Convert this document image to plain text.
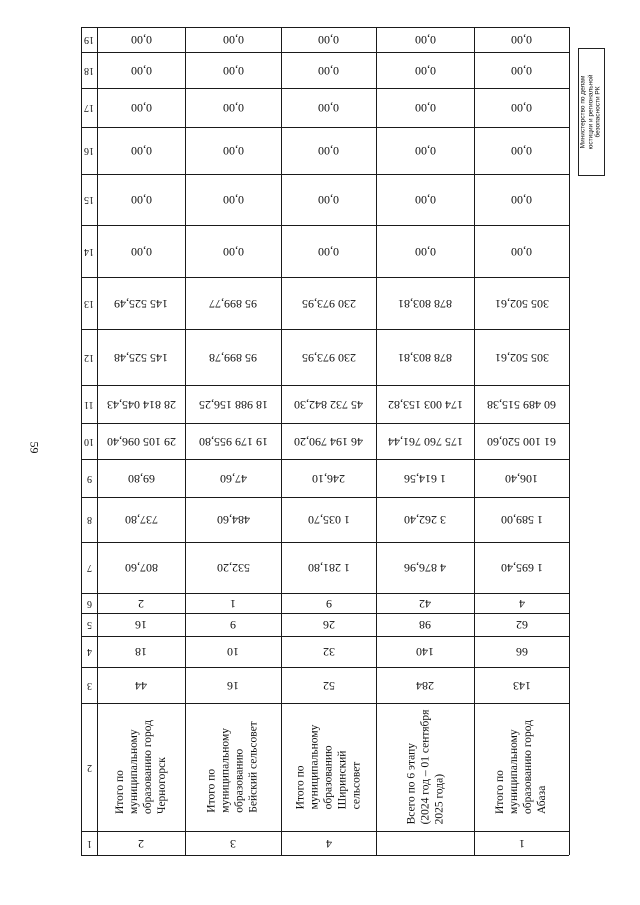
59
Министерство по делам юстиции и региональной безопасности РК
1
2
3
4
5
6
7
8
9
10
11
12
13
14
15
16
17
18
19
2
Итого по муниципальному образованию город Черногорск
44
18
16
2
807,60
737,80
69,80
29 105 096,40
28 814 045,43
145 525,48
145 525,49
0,00
0,00
0,00
0,00
0,00
0,00
3
Итого по муниципальному образованию Бейский сельсовет
16
10
9
1
532,20
484,60
47,60
19 179 955,80
18 988 156,25
95 899,78
95 899,77
0,00
0,00
0,00
0,00
0,00
0,00
4
Итого по муниципальному образованию Ширинский сельсовет
52
32
26
9
1 281,80
1 035,70
246,10
46 194 790,20
45 732 842,30
230 973,95
230 973,95
0,00
0,00
0,00
0,00
0,00
0,00
Всего по 6 этапу (2024 год – 01 сентября 2025 года)
284
140
98
42
4 876,96
3 262,40
1 614,56
175 760 761,44
174 003 153,82
878 803,81
878 803,81
0,00
0,00
0,00
0,00
0,00
0,00
1
Итого по муниципальному образованию город Абаза
143
66
62
4
1 695,40
1 589,00
106,40
61 100 520,60
60 489 515,38
305 502,61
305 502,61
0,00
0,00
0,00
0,00
0,00
0,00
